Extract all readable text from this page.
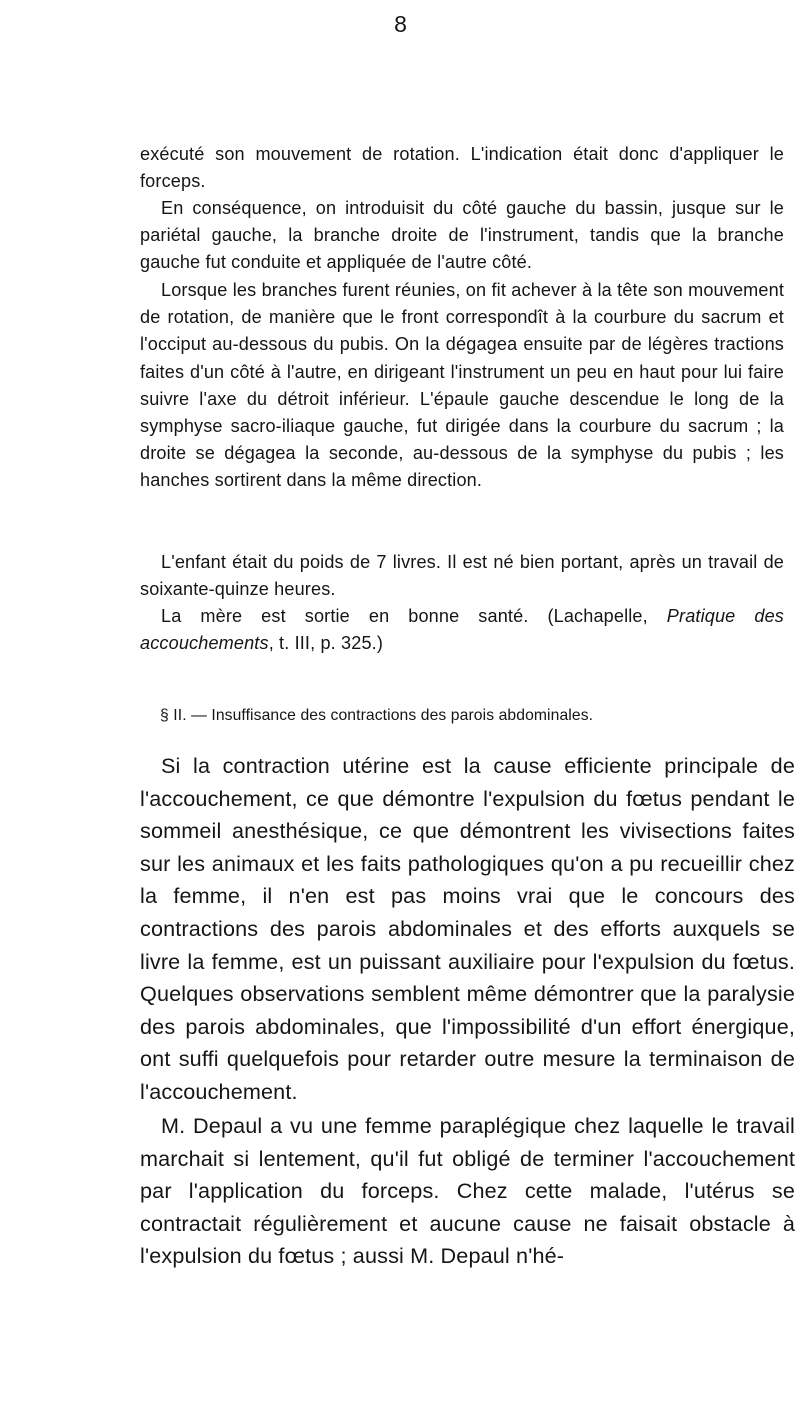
8

exécuté son mouvement de rotation. L'indication était donc d'appliquer le forceps.

En conséquence, on introduisit du côté gauche du bassin, jusque sur le pariétal gauche, la branche droite de l'instrument, tandis que la branche gauche fut conduite et appliquée de l'autre côté.

Lorsque les branches furent réunies, on fit achever à la tête son mouvement de rotation, de manière que le front correspondît à la courbure du sacrum et l'occiput au-dessous du pubis. On la dégagea ensuite par de légères tractions faites d'un côté à l'autre, en dirigeant l'instrument un peu en haut pour lui faire suivre l'axe du détroit inférieur. L'épaule gauche descendue le long de la symphyse sacro-iliaque gauche, fut dirigée dans la courbure du sacrum ; la droite se dégagea la seconde, au-dessous de la symphyse du pubis ; les hanches sortirent dans la même direction.

L'enfant était du poids de 7 livres. Il est né bien portant, après un travail de soixante-quinze heures.

La mère est sortie en bonne santé. (Lachapelle, Pratique des accouchements, t. III, p. 325.)

§ II. — Insuffisance des contractions des parois abdominales.

Si la contraction utérine est la cause efficiente principale de l'accouchement, ce que démontre l'expulsion du fœtus pendant le sommeil anesthésique, ce que démontrent les vivisections faites sur les animaux et les faits pathologiques qu'on a pu recueillir chez la femme, il n'en est pas moins vrai que le concours des contractions des parois abdominales et des efforts auxquels se livre la femme, est un puissant auxiliaire pour l'expulsion du fœtus. Quelques observations semblent même démontrer que la paralysie des parois abdominales, que l'impossibilité d'un effort énergique, ont suffi quelquefois pour retarder outre mesure la terminaison de l'accouchement.

M. Depaul a vu une femme paraplégique chez laquelle le travail marchait si lentement, qu'il fut obligé de terminer l'accouchement par l'application du forceps. Chez cette malade, l'utérus se contractait régulièrement et aucune cause ne faisait obstacle à l'expulsion du fœtus ; aussi M. Depaul n'hé-
